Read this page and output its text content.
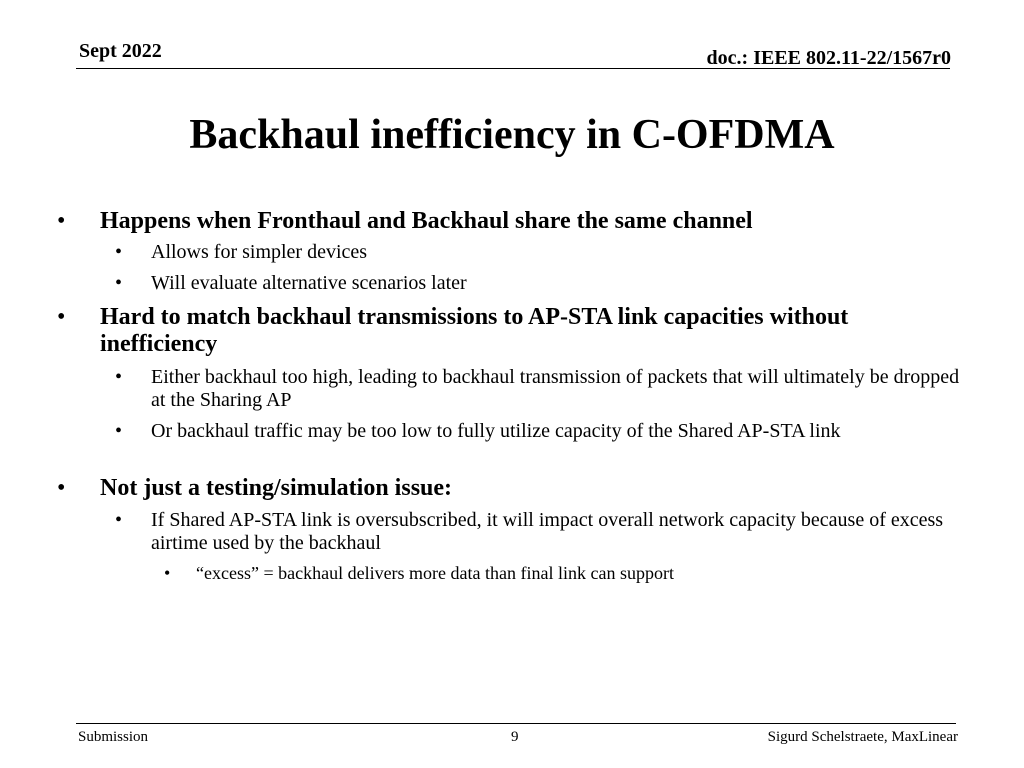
Sept 2022	doc.: IEEE 802.11-22/1567r0
Backhaul inefficiency in C-OFDMA
• Happens when Fronthaul and Backhaul share the same channel
• Allows for simpler devices
• Will evaluate alternative scenarios later
• Hard to match backhaul transmissions to AP-STA link capacities without inefficiency
• Either backhaul too high, leading to backhaul transmission of packets that will ultimately be dropped at the Sharing AP
• Or backhaul traffic may be too low to fully utilize capacity of the Shared AP-STA link
• Not just a testing/simulation issue:
• If Shared AP-STA link is oversubscribed, it will impact overall network capacity because of excess airtime used by the backhaul
• “excess” = backhaul delivers more data than final link can support
Submission	9	Sigurd Schelstraete, MaxLinear
